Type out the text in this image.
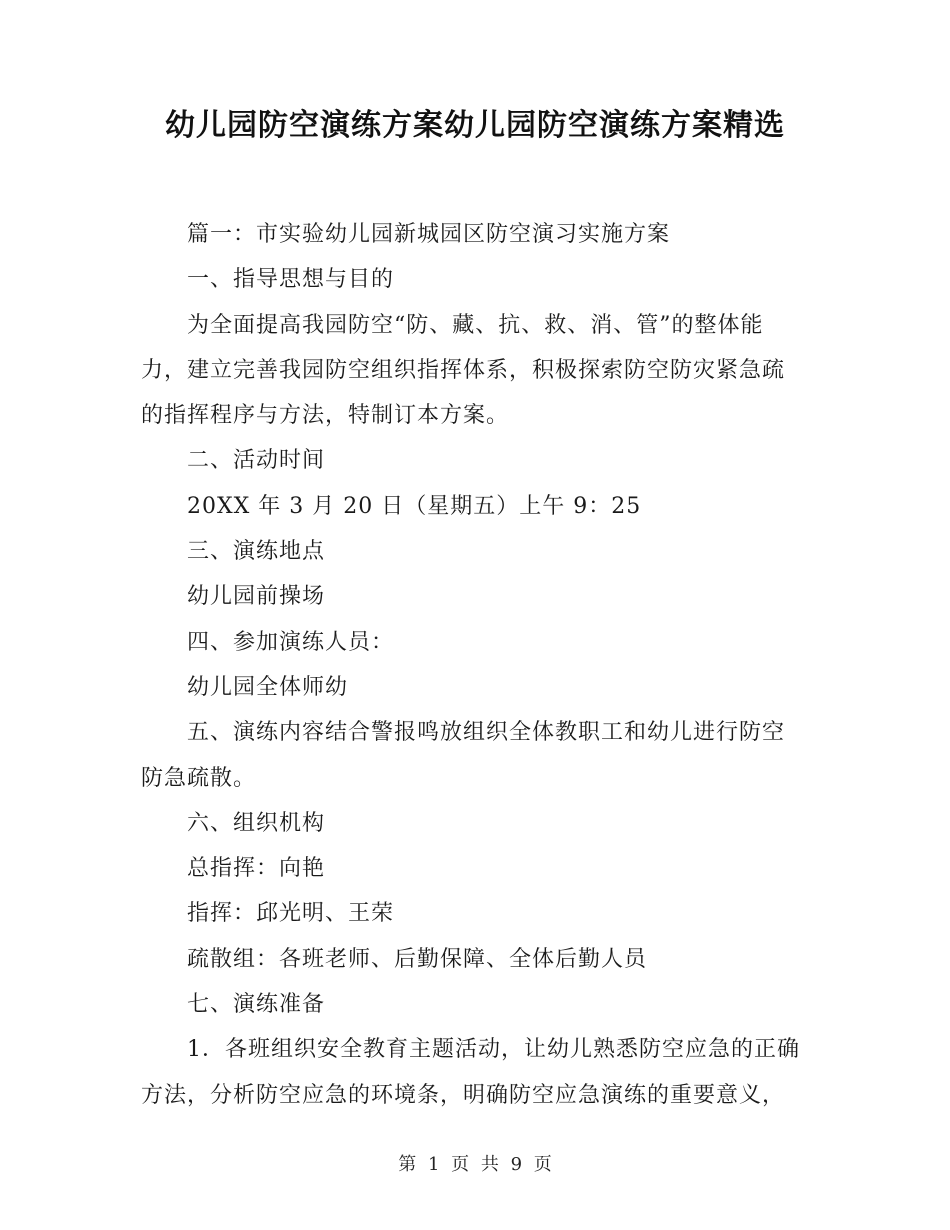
幼儿园防空演练方案幼儿园防空演练方案精选

篇一：市实验幼儿园新城园区防空演习实施方案

一、指导思想与目的

为全面提高我园防空“防、藏、抗、救、消、管”的整体能力，建立完善我园防空组织指挥体系，积极探索防空防灾紧急疏的指挥程序与方法，特制订本方案。

二、活动时间

20XX 年 3 月 20 日（星期五）上午 9：25

三、演练地点

幼儿园前操场

四、参加演练人员：

幼儿园全体师幼

五、演练内容结合警报鸣放组织全体教职工和幼儿进行防空防急疏散。

六、组织机构

总指挥：向艳

指挥：邱光明、王荣

疏散组：各班老师、后勤保障、全体后勤人员

七、演练准备

1．各班组织安全教育主题活动，让幼儿熟悉防空应急的正确方法，分析防空应急的环境条，明确防空应急演练的重要意义，

第 1 页 共 9 页
